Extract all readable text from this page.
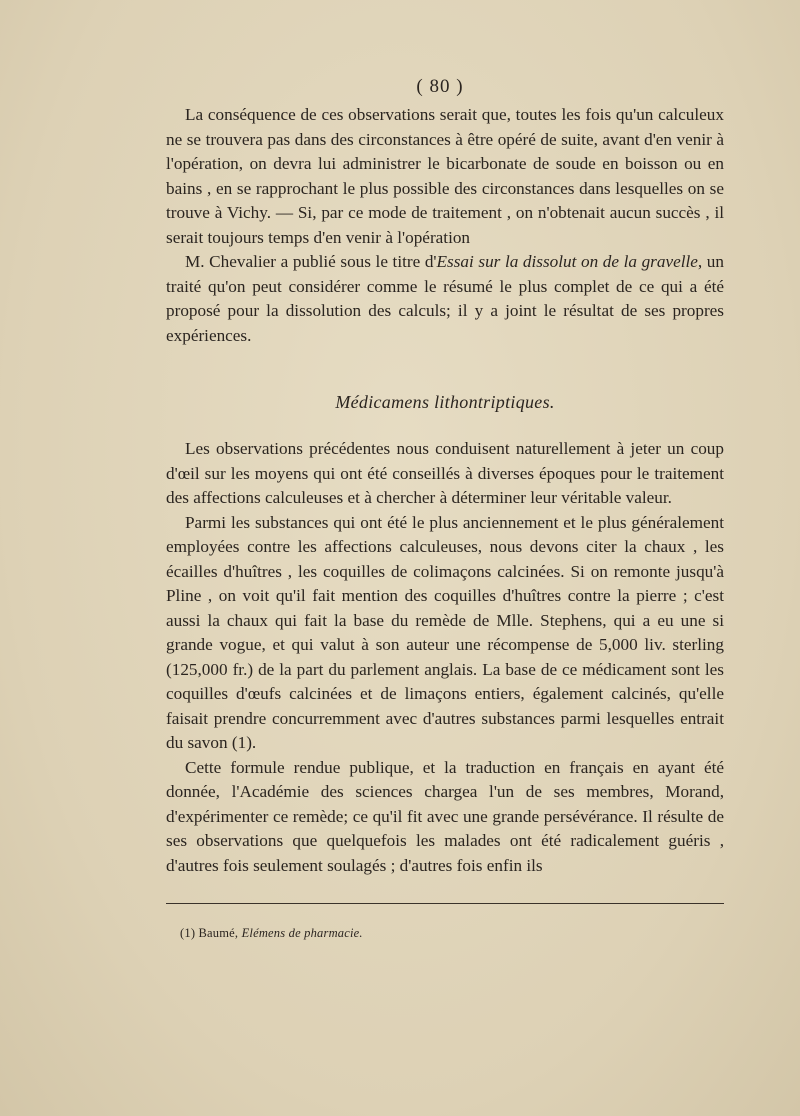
( 80 )

La conséquence de ces observations serait que, toutes les fois qu'un calculeux ne se trouvera pas dans des circonstances à être opéré de suite, avant d'en venir à l'opération, on devra lui administrer le bicarbonate de soude en boisson ou en bains , en se rapprochant le plus possible des circonstances dans lesquelles on se trouve à Vichy. — Si, par ce mode de traitement , on n'obtenait aucun succès , il serait toujours temps d'en venir à l'opération

M. Chevalier a publié sous le titre d'Essai sur la dissolut on de la gravelle, un traité qu'on peut considérer comme le résumé le plus complet de ce qui a été proposé pour la dissolution des calculs; il y a joint le résultat de ses propres expériences.

Médicamens lithontriptiques.

Les observations précédentes nous conduisent naturellement à jeter un coup d'œil sur les moyens qui ont été conseillés à diverses époques pour le traitement des affections calculeuses et à chercher à déterminer leur véritable valeur.

Parmi les substances qui ont été le plus anciennement et le plus généralement employées contre les affections calculeuses, nous devons citer la chaux , les écailles d'huîtres , les coquilles de colimaçons calcinées. Si on remonte jusqu'à Pline , on voit qu'il fait mention des coquilles d'huîtres contre la pierre ; c'est aussi la chaux qui fait la base du remède de Mlle. Stephens, qui a eu une si grande vogue, et qui valut à son auteur une récompense de 5,000 liv. sterling (125,000 fr.) de la part du parlement anglais. La base de ce médicament sont les coquilles d'œufs calcinées et de limaçons entiers, également calcinés, qu'elle faisait prendre concurremment avec d'autres substances parmi lesquelles entrait du savon (1).

Cette formule rendue publique, et la traduction en français en ayant été donnée, l'Académie des sciences chargea l'un de ses membres, Morand, d'expérimenter ce remède; ce qu'il fit avec une grande persévérance. Il résulte de ses observations que quelquefois les malades ont été radicalement guéris , d'autres fois seulement soulagés ; d'autres fois enfin ils

(1) Baumé, Elémens de pharmacie.
